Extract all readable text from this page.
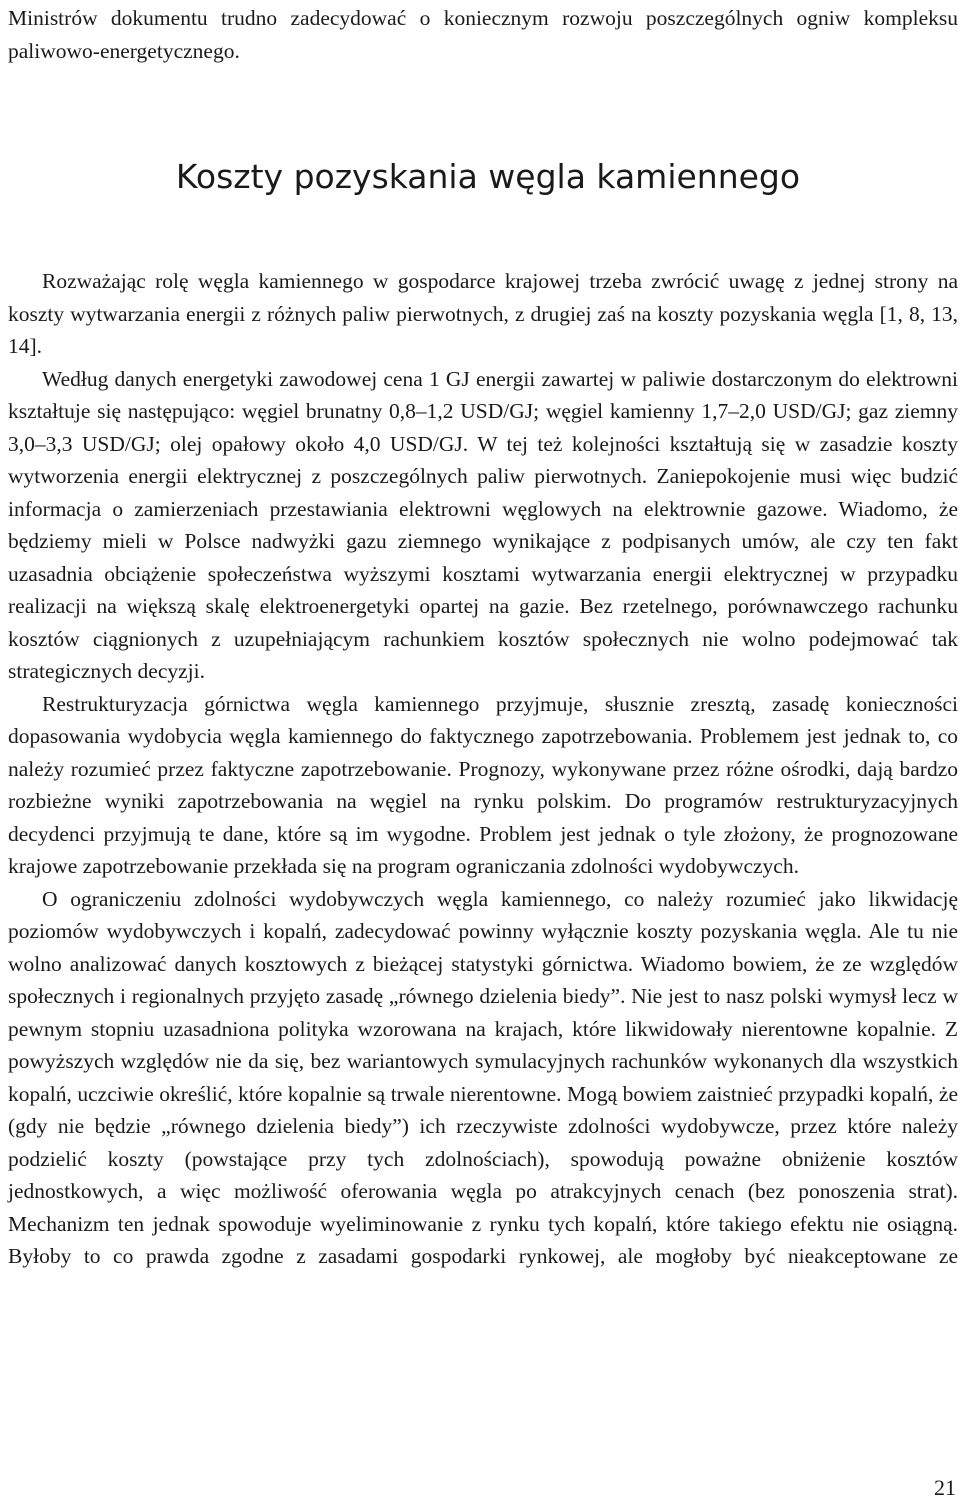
Ministrów dokumentu trudno zadecydować o koniecznym rozwoju poszczególnych ogniw kompleksu paliwowo-energetycznego.

Koszty pozyskania węgla kamiennego

Rozważając rolę węgla kamiennego w gospodarce krajowej trzeba zwrócić uwagę z jednej strony na koszty wytwarzania energii z różnych paliw pierwotnych, z drugiej zaś na koszty pozyskania węgla [1, 8, 13, 14].

Według danych energetyki zawodowej cena 1 GJ energii zawartej w paliwie dostarczonym do elektrowni kształtuje się następująco: węgiel brunatny 0,8–1,2 USD/GJ; węgiel kamienny 1,7–2,0 USD/GJ; gaz ziemny 3,0–3,3 USD/GJ; olej opałowy około 4,0 USD/GJ. W tej też kolejności kształtują się w zasadzie koszty wytworzenia energii elektrycznej z poszczególnych paliw pierwotnych. Zaniepokojenie musi więc budzić informacja o zamierzeniach przestawiania elektrowni węglowych na elektrownie gazowe. Wiadomo, że będziemy mieli w Polsce nadwyżki gazu ziemnego wynikające z podpisanych umów, ale czy ten fakt uzasadnia obciążenie społeczeństwa wyższymi kosztami wytwarzania energii elektrycznej w przypadku realizacji na większą skalę elektroenergetyki opartej na gazie. Bez rzetelnego, porównawczego rachunku kosztów ciągnionych z uzupełniającym rachunkiem kosztów społecznych nie wolno podejmować tak strategicznych decyzji.

Restrukturyzacja górnictwa węgla kamiennego przyjmuje, słusznie zresztą, zasadę konieczności dopasowania wydobycia węgla kamiennego do faktycznego zapotrzebowania. Problemem jest jednak to, co należy rozumieć przez faktyczne zapotrzebowanie. Prognozy, wykonywane przez różne ośrodki, dają bardzo rozbieżne wyniki zapotrzebowania na węgiel na rynku polskim. Do programów restrukturyzacyjnych decydenci przyjmują te dane, które są im wygodne. Problem jest jednak o tyle złożony, że prognozowane krajowe zapotrzebowanie przekłada się na program ograniczania zdolności wydobywczych.

O ograniczeniu zdolności wydobywczych węgla kamiennego, co należy rozumieć jako likwidację poziomów wydobywczych i kopalń, zadecydować powinny wyłącznie koszty pozyskania węgla. Ale tu nie wolno analizować danych kosztowych z bieżącej statystyki górnictwa. Wiadomo bowiem, że ze względów społecznych i regionalnych przyjęto zasadę „równego dzielenia biedy”. Nie jest to nasz polski wymysł lecz w pewnym stopniu uzasadniona polityka wzorowana na krajach, które likwidowały nierentowne kopalnie. Z powyższych względów nie da się, bez wariantowych symulacyjnych rachunków wykonanych dla wszystkich kopalń, uczciwie określić, które kopalnie są trwale nierentowne. Mogą bowiem zaistnieć przypadki kopalń, że (gdy nie będzie „równego dzielenia biedy”) ich rzeczywiste zdolności wydobywcze, przez które należy podzielić koszty (powstające przy tych zdolnościach), spowodują poważne obniżenie kosztów jednostkowych, a więc możliwość oferowania węgla po atrakcyjnych cenach (bez ponoszenia strat). Mechanizm ten jednak spowoduje wyeliminowanie z rynku tych kopalń, które takiego efektu nie osiągną. Byłoby to co prawda zgodne z zasadami gospodarki rynkowej, ale mogłoby być nieakceptowane ze

21
